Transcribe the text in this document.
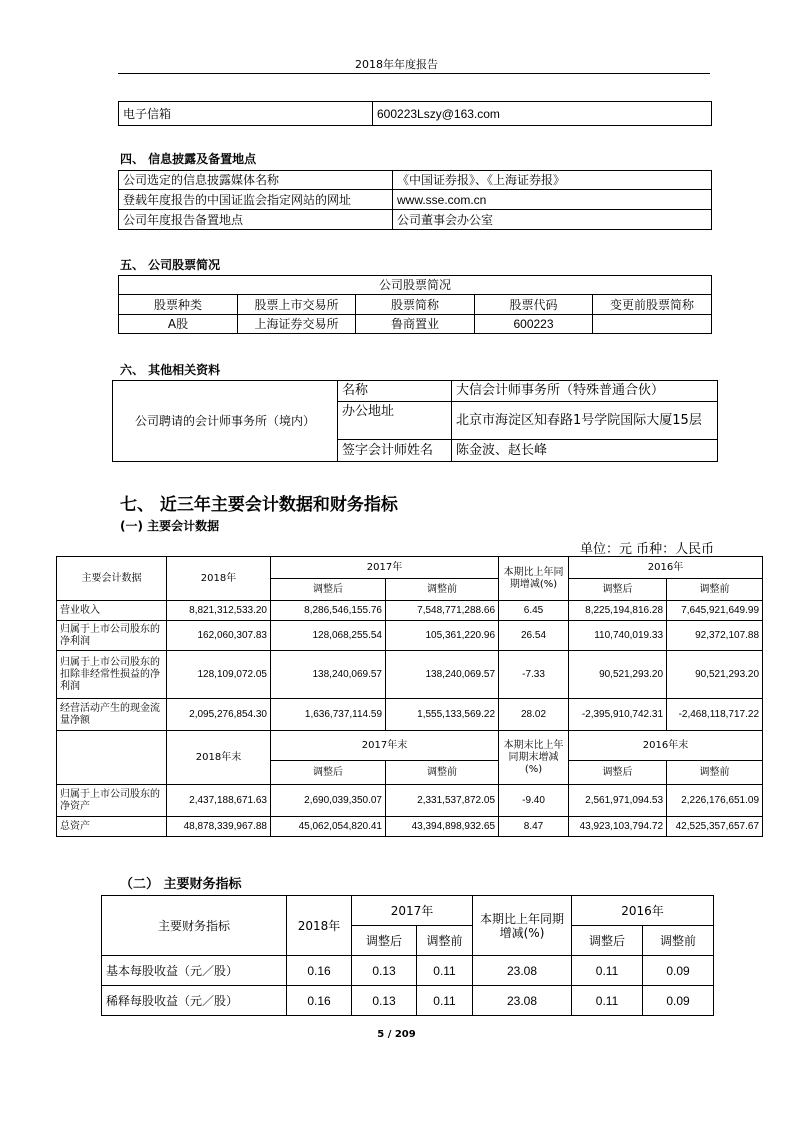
2018年年度报告
电子信箱	600223Lszy@163.com
四、 信息披露及备置地点
公司选定的信息披露媒体名称	《中国证券报》、《上海证券报》
登载年度报告的中国证监会指定网站的网址	www.sse.com.cn
公司年度报告备置地点	公司董事会办公室
五、 公司股票简况
公司股票简况				
股票种类	股票上市交易所	股票简称	股票代码	变更前股票简称
A股	上海证券交易所	鲁商置业	600223	
六、 其他相关资料
公司聘请的会计师事务所（境内）	名称	大信会计师事务所（特殊普通合伙）
	办公地址	北京市海淀区知春路1号学院国际大厦15层
	签字会计师姓名	陈金波、赵长峰
七、 近三年主要会计数据和财务指标
(一) 主要会计数据
单位：元 币种：人民币
主要会计数据	2018年	2017年		本期比上年同期增减(%)	2016年	
		调整后	调整前		调整后	调整前
营业收入	8,821,312,533.20	8,286,546,155.76	7,548,771,288.66	6.45	8,225,194,816.28	7,645,921,649.99
归属于上市公司股东的净利润	162,060,307.83	128,068,255.54	105,361,220.96	26.54	110,740,019.33	92,372,107.88
归属于上市公司股东的扣除非经常性损益的净利润	128,109,072.05	138,240,069.57	138,240,069.57	-7.33	90,521,293.20	90,521,293.20
经营活动产生的现金流量净额	2,095,276,854.30	1,636,737,114.59	1,555,133,569.22	28.02	-2,395,910,742.31	-2,468,118,717.22
	2018年末	2017年末		本期末比上年同期末增减(%)	2016年末	
		调整后	调整前		调整后	调整前
归属于上市公司股东的净资产	2,437,188,671.63	2,690,039,350.07	2,331,537,872.05	-9.40	2,561,971,094.53	2,226,176,651.09
总资产	48,878,339,967.88	45,062,054,820.41	43,394,898,932.65	8.47	43,923,103,794.72	42,525,357,657.67
（二） 主要财务指标
主要财务指标	2018年	2017年		本期比上年同期增减(%)	2016年	
		调整后	调整前		调整后	调整前
基本每股收益（元／股）	0.16	0.13	0.11	23.08	0.11	0.09
稀释每股收益（元／股）	0.16	0.13	0.11	23.08	0.11	0.09
5 / 209
